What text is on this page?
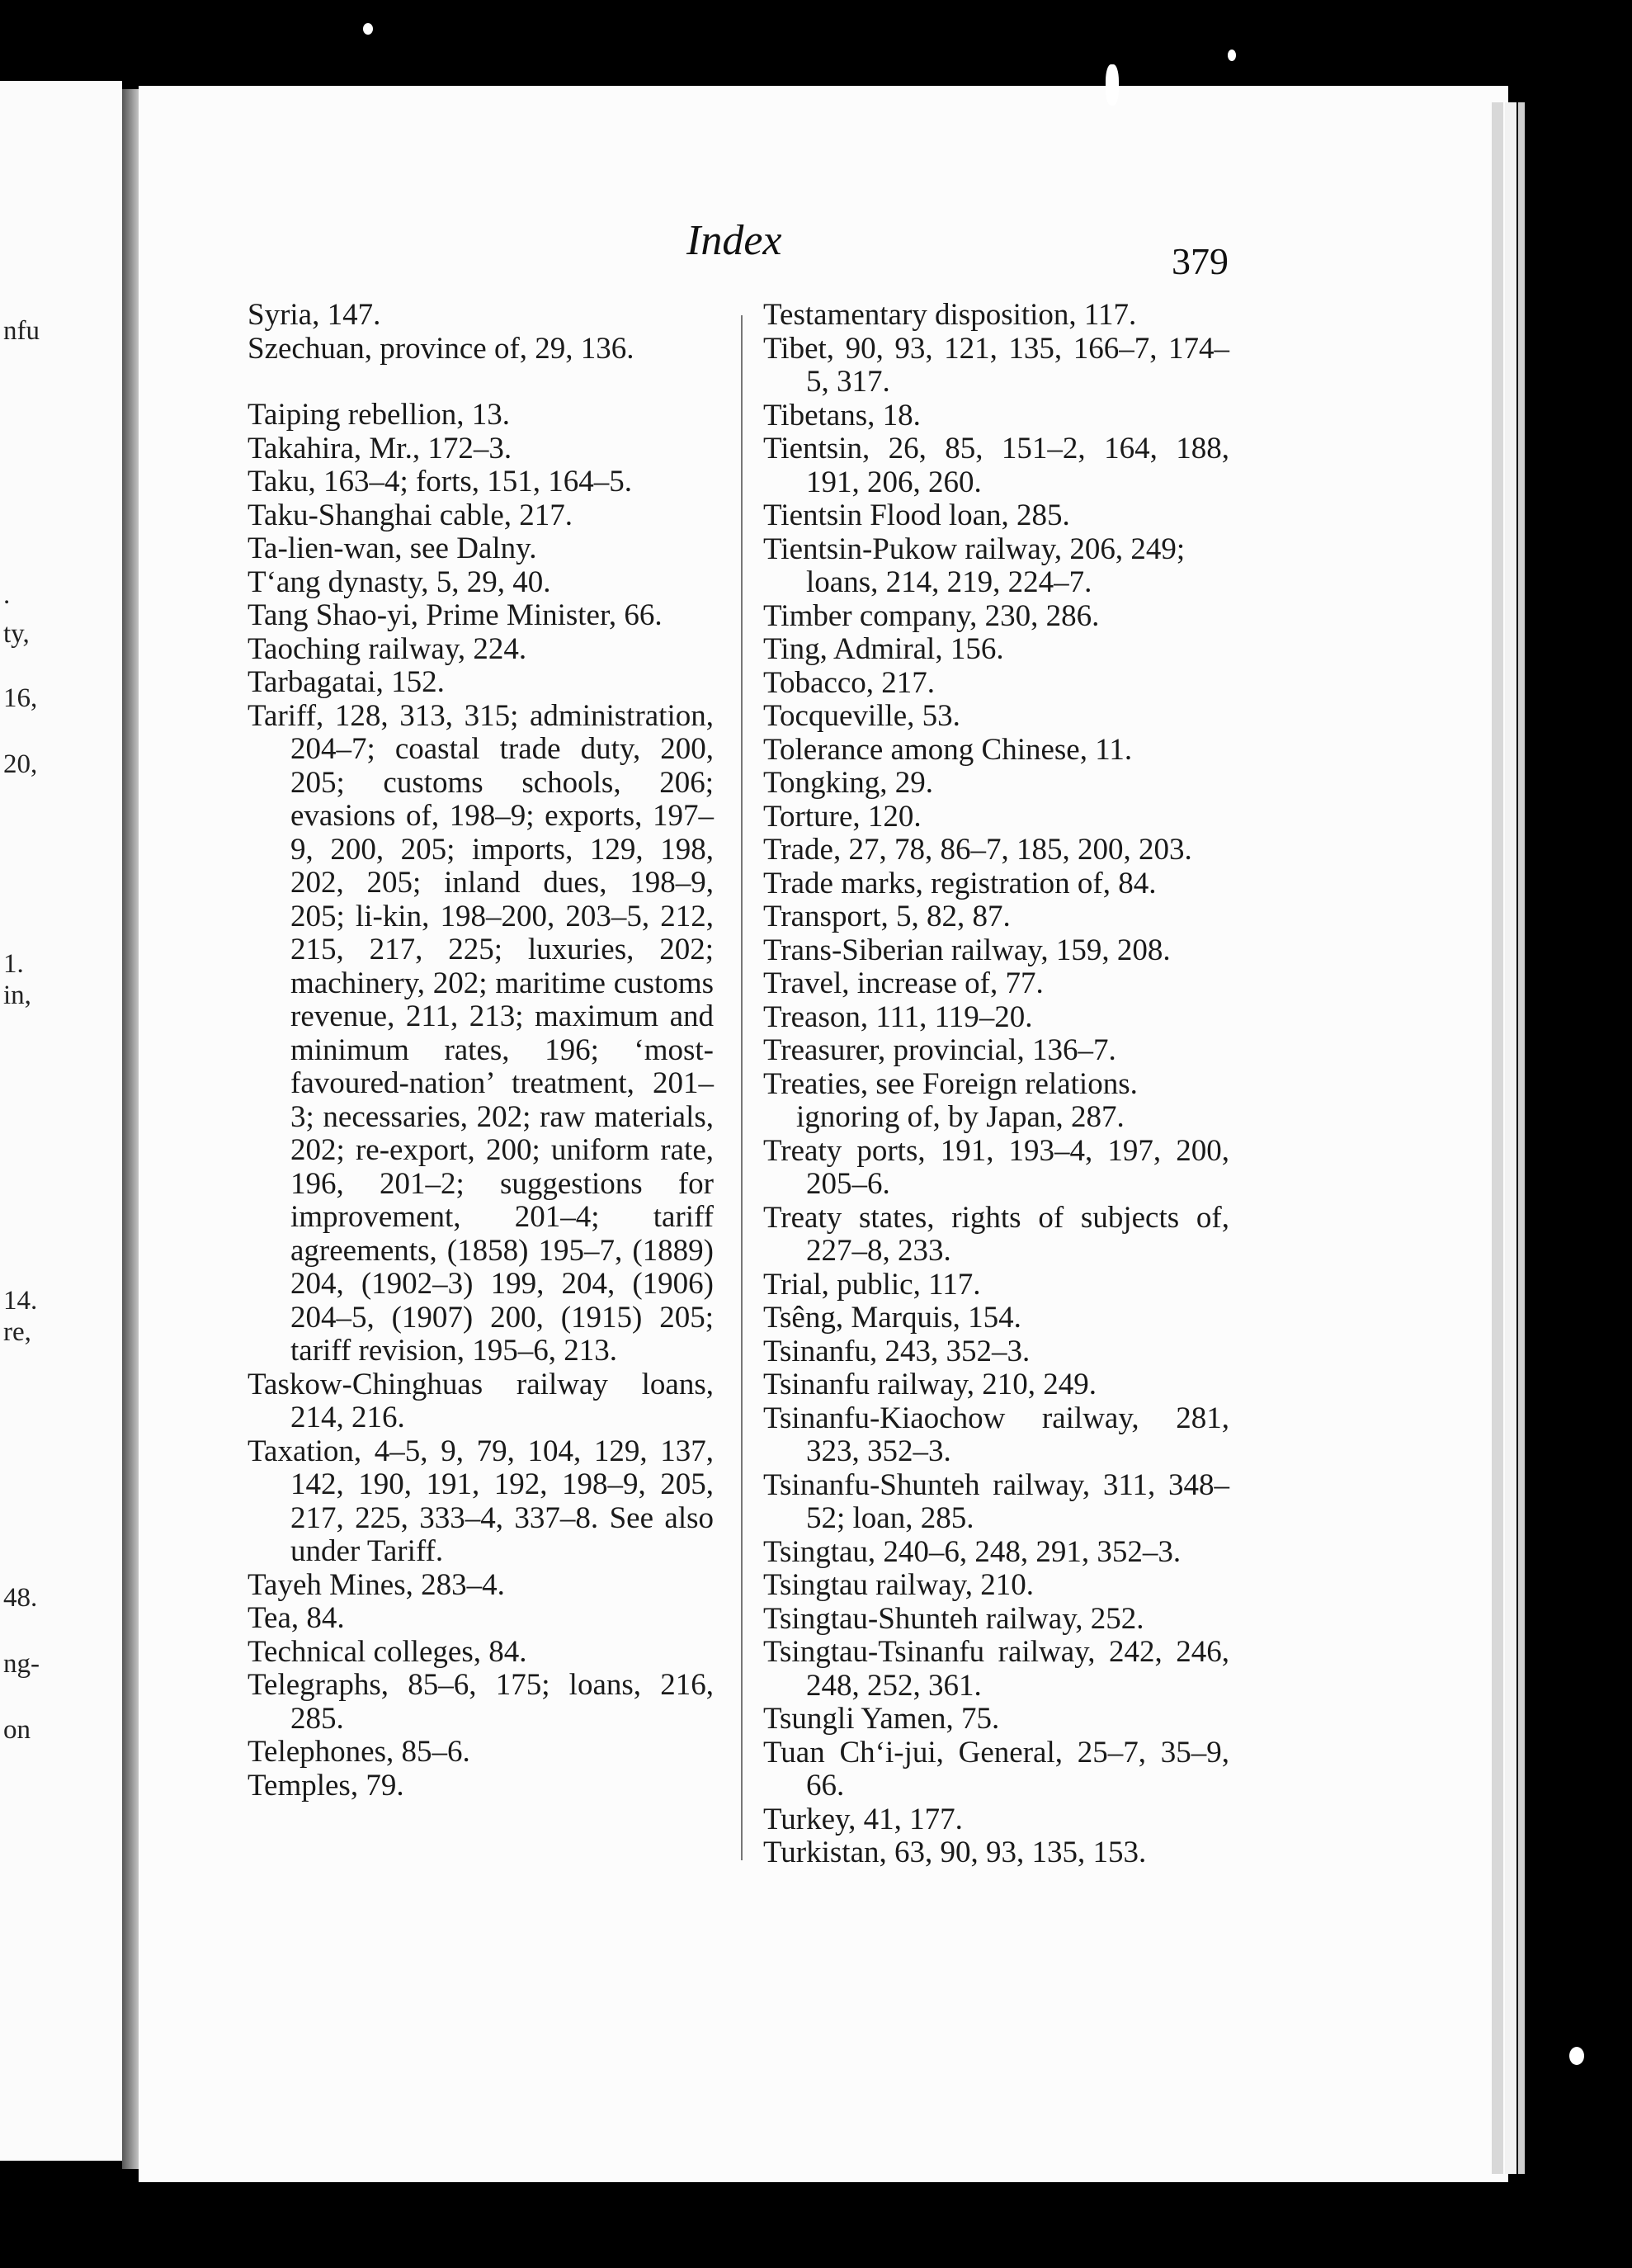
nfu
.
ty,
16,
20,
1.
in,
14.
re,
48.
ng-
on
Index	379
Syria, 147.
Szechuan, province of, 29, 136.
Taiping rebellion, 13.
Takahira, Mr., 172–3.
Taku, 163–4; forts, 151, 164–5.
Taku-Shanghai cable, 217.
Ta-lien-wan, see Dalny.
T‘ang dynasty, 5, 29, 40.
Tang Shao-yi, Prime Minister, 66.
Taoching railway, 224.
Tarbagatai, 152.
Tariff, 128, 313, 315; administration, 204–7; coastal trade duty, 200, 205; customs schools, 206; evasions of, 198–9; exports, 197–9, 200, 205; imports, 129, 198, 202, 205; inland dues, 198–9, 205; li-kin, 198–200, 203–5, 212, 215, 217, 225; luxuries, 202; machinery, 202; maritime customs revenue, 211, 213; maximum and minimum rates, 196; ‘most-favoured-nation’ treatment, 201–3; necessaries, 202; raw materials, 202; re-export, 200; uniform rate, 196, 201–2; suggestions for improvement, 201–4; tariff agreements, (1858) 195–7, (1889) 204, (1902–3) 199, 204, (1906) 204–5, (1907) 200, (1915) 205; tariff revision, 195–6, 213.
Taskow-Chinghuas railway loans, 214, 216.
Taxation, 4–5, 9, 79, 104, 129, 137, 142, 190, 191, 192, 198–9, 205, 217, 225, 333–4, 337–8. See also under Tariff.
Tayeh Mines, 283–4.
Tea, 84.
Technical colleges, 84.
Telegraphs, 85–6, 175; loans, 216, 285.
Telephones, 85–6.
Temples, 79.
Testamentary disposition, 117.
Tibet, 90, 93, 121, 135, 166–7, 174–5, 317.
Tibetans, 18.
Tientsin, 26, 85, 151–2, 164, 188, 191, 206, 260.
Tientsin Flood loan, 285.
Tientsin-Pukow railway, 206, 249; loans, 214, 219, 224–7.
Timber company, 230, 286.
Ting, Admiral, 156.
Tobacco, 217.
Tocqueville, 53.
Tolerance among Chinese, 11.
Tongking, 29.
Torture, 120.
Trade, 27, 78, 86–7, 185, 200, 203.
Trade marks, registration of, 84.
Transport, 5, 82, 87.
Trans-Siberian railway, 159, 208.
Travel, increase of, 77.
Treason, 111, 119–20.
Treasurer, provincial, 136–7.
Treaties, see Foreign relations.
ignoring of, by Japan, 287.
Treaty ports, 191, 193–4, 197, 200, 205–6.
Treaty states, rights of subjects of, 227–8, 233.
Trial, public, 117.
Tsêng, Marquis, 154.
Tsinanfu, 243, 352–3.
Tsinanfu railway, 210, 249.
Tsinanfu-Kiaochow railway, 281, 323, 352–3.
Tsinanfu-Shunteh railway, 311, 348–52; loan, 285.
Tsingtau, 240–6, 248, 291, 352–3.
Tsingtau railway, 210.
Tsingtau-Shunteh railway, 252.
Tsingtau-Tsinanfu railway, 242, 246, 248, 252, 361.
Tsungli Yamen, 75.
Tuan Ch‘i-jui, General, 25–7, 35–9, 66.
Turkey, 41, 177.
Turkistan, 63, 90, 93, 135, 153.
